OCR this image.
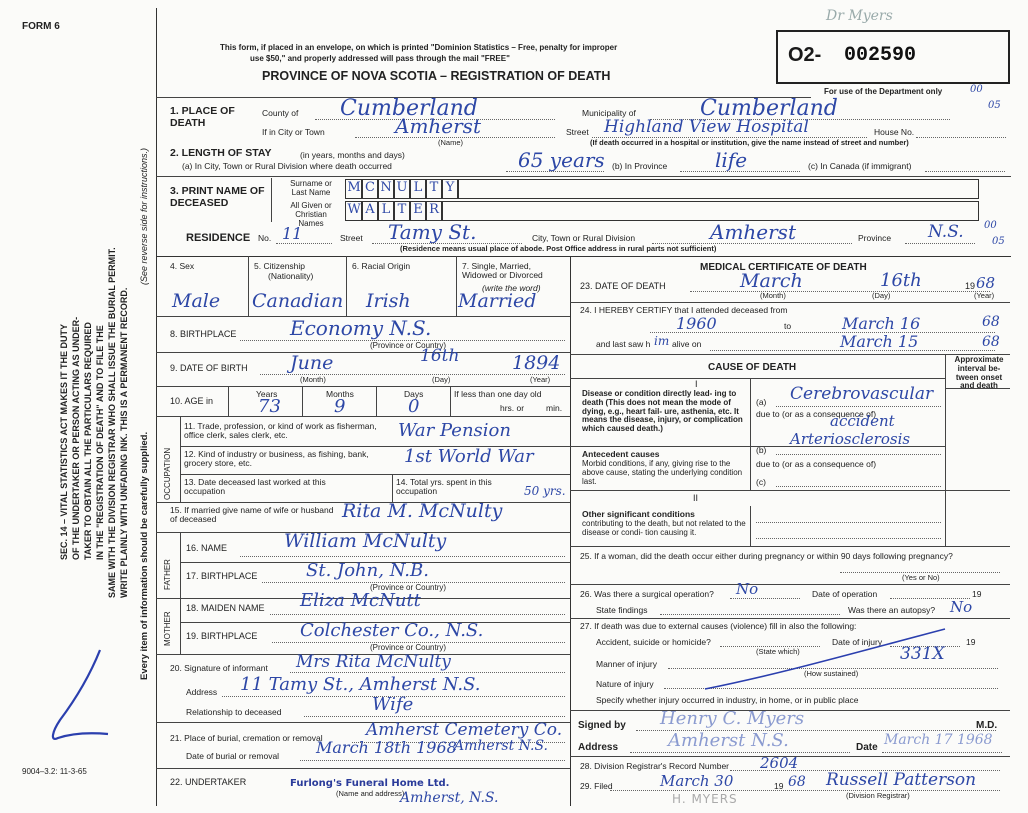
FORM 6
SEC. 14 – VITAL STATISTICS ACT MAKES IT THE DUTY OF THE UNDERTAKER OR PERSON ACTING AS UNDER- TAKER TO OBTAIN ALL THE PARTICULARS REQUIRED IN THE "REGISTRATION OF DEATH" AND TO FILE THE SAME WITH THE DIVISION REGISTRAR WHO SHALL ISSUE THE BURIAL PERMIT. WRITE PLAINLY WITH UNFADING INK. THIS IS A PERMANENT RECORD.
(See reverse side for instructions.)
Every item of information should be carefully supplied.
9004–3.2: 11-3-65
This form, if placed in an envelope, on which is printed "Dominion Statistics – Free, penalty for improper
use $50," and properly addressed will pass through the mail "FREE"
PROVINCE OF NOVA SCOTIA – REGISTRATION OF DEATH
Dr Myers
O2- 002590
For use of the Department only	00
05
1. PLACE OF DEATH
County of Cumberland	Municipality of	Cumberland
If in City or Town	Amherst
(Name)
Street Highland View Hospital	House No.
(If death occurred in a hospital or institution, give the name instead of street and number)
2. LENGTH OF STAY	(in years, months and days)
(a) In City, Town or Rural Division where death occurred	65 years (b) In Province life	(c) In Canada (if immigrant)
3. PRINT NAME OF DECEASED
Surname or Last Name
All Given or Christian Names
M C N U L T Y
W A L T E R
RESIDENCE No. 11	Street Tamy St.	City, Town or Rural Division	Amherst	Province N.S. 00
05
(Residence means usual place of abode. Post Office address in rural parts not sufficient)
4. Sex	5. Citizenship
(Nationality)
6. Racial Origin	7. Single, Married, Widowed or Divorced
(write the word)
Male Canadian Irish Married
8. BIRTHPLACE	Economy N.S.
(Province or Country)
9. DATE OF BIRTH June	16th	1894
(Month)	(Day)	(Year)
10. AGE in
Years	Months	Days
73	9	0
If less than one day old
hrs. or	min.
OCCUPATION
11. Trade, profession, or kind of work as fisherman, office clerk, sales clerk, etc.	War Pension
12. Kind of industry or business, as fishing, bank, grocery store, etc.	1st World War
13. Date deceased last worked at this occupation
14. Total yrs. spent in this occupation	50 yrs.
15. If married give name of wife or husband of deceased	Rita M. McNulty
FATHER
16. NAME	William McNulty
17. BIRTHPLACE	St. John, N.B.
(Province or Country)
MOTHER
18. MAIDEN NAME Eliza McNutt
19. BIRTHPLACE Colchester Co., N.S.
(Province or Country)
20. Signature of informant Mrs Rita McNulty
Address 11 Tamy St., Amherst N.S.
Relationship to deceased	Wife
21. Place of burial, cremation or removal	Amherst Cemetery Co.
Date of burial or removal March 18th 1968
Amherst N.S.
22. UNDERTAKER	Furlong's Funeral Home Ltd.
(Name and address)
Amherst, N.S.
MEDICAL CERTIFICATE OF DEATH
23. DATE OF DEATH	March	16th	19 68
(Month)	(Day)	(Year)
24. I HEREBY CERTIFY that I attended deceased from
1960	to	March 16	68
and last saw h im alive on	March 15	68
CAUSE OF DEATH
Approximate interval be- tween onset and death
I
Disease or condition directly lead- ing to death (This does not mean the mode of dying, e.g., heart fail- ure, asthenia, etc. It means the disease, injury, or complication which caused death.)
(a) Cerebrovascular
due to (or as a consequence of)
accident
Antecedent causes
Morbid conditions, if any, giving rise to the above cause, stating the underlying condition last.
(b)
Arteriosclerosis
due to (or as a consequence of)
(c)
II
Other significant conditions
contributing to the death, but not related to the disease or condi- tion causing it.
25. If a woman, did the death occur either during pregnancy or within 90 days following pregnancy?
(Yes or No)
26. Was there a surgical operation? No	Date of operation	19
State findings	Was there an autopsy? No
27. If death was due to external causes (violence) fill in also the following:
Accident, suicide or homicide?	Date of injury	19
(State which)	331X
Manner of injury
(How sustained)
Nature of injury
Specify whether injury occurred in industry, in home, or in public place
Signed by Henry C. Myers	M.D.
Address	Amherst N.S.	Date March 17 1968
28. Division Registrar's Record Number 2604
29. Filed	March 30	19 68 Russell Patterson
(Division Registrar)
H. MYERS
